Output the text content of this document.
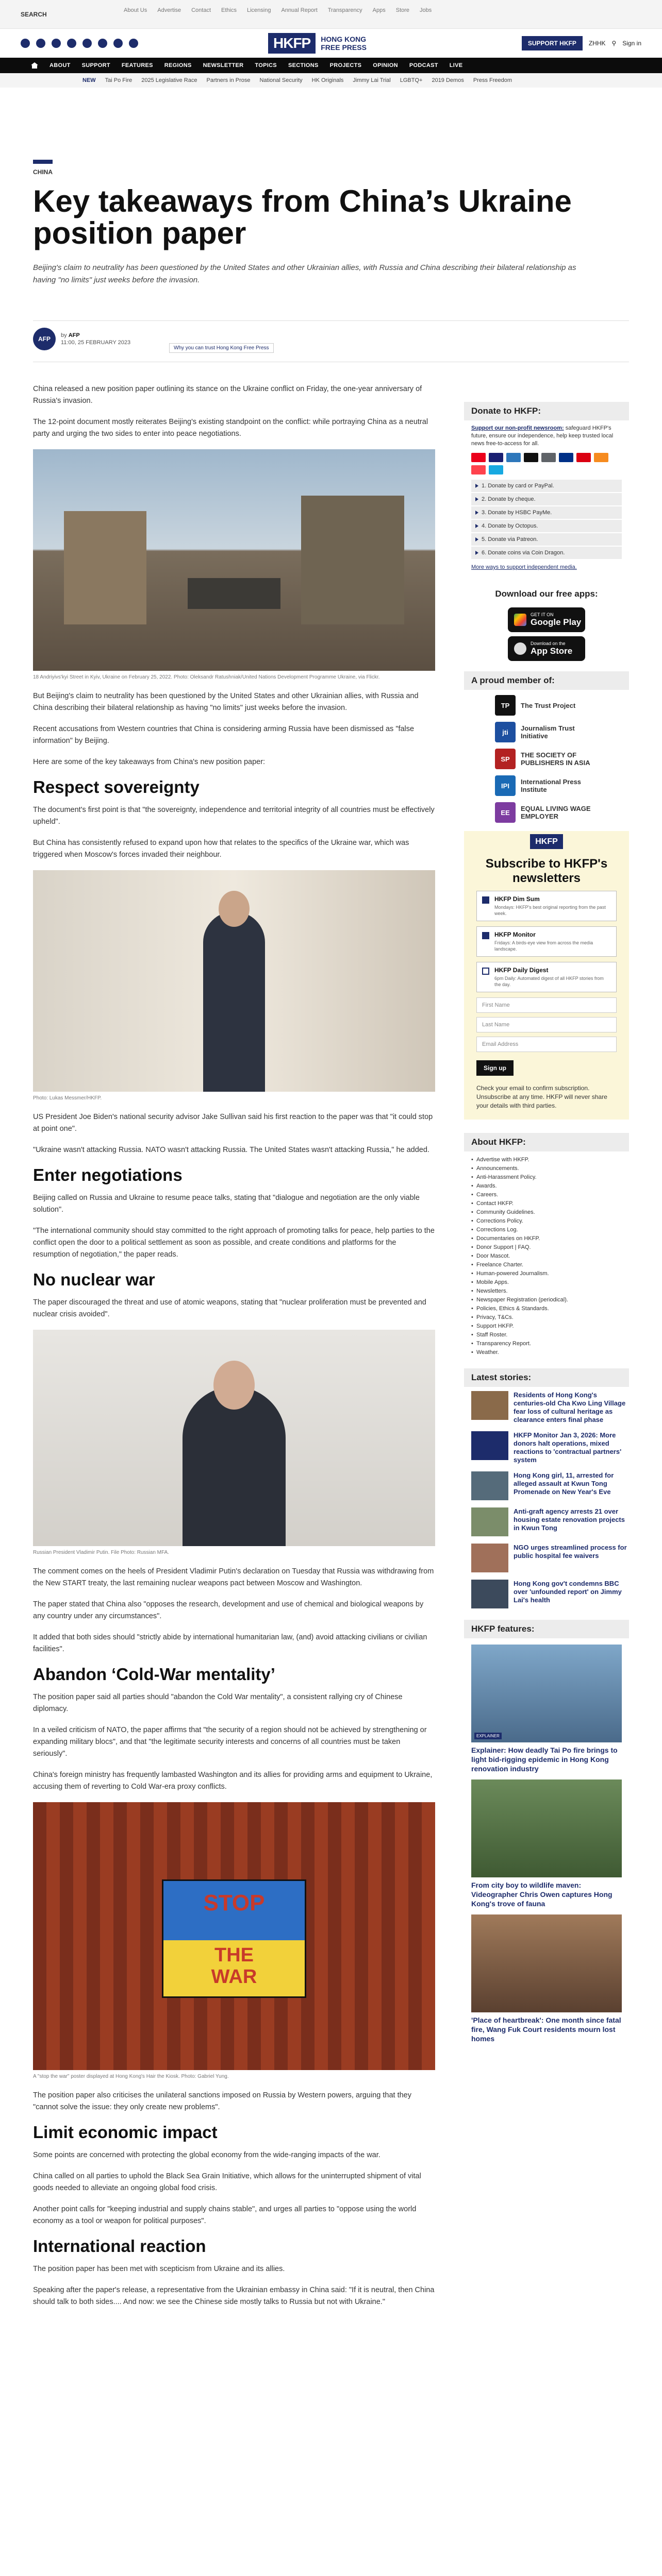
SEARCH
About Us Advertise Contact Ethics Licensing Annual Report Transparency Apps Store Jobs
HKFP	HONG KONG
FREE PRESS	SUPPORT HKFP	ZHHK ⚲ Sign in
ABOUT SUPPORT FEATURES REGIONS NEWSLETTER TOPICS SECTIONS PROJECTS OPINION PODCAST LIVE
NEW Tai Po Fire 2025 Legislative Race Partners in Prose National Security HK Originals Jimmy Lai Trial LGBTQ+ 2019 Demos Press Freedom
CHINA
Key takeaways from China’s Ukraine position paper

Beijing's claim to neutrality has been questioned by the United States and other Ukrainian allies, with Russia and China describing their bilateral relationship as having "no limits" just weeks before the invasion.

AFP	by AFP
11:00, 25 FEBRUARY 2023
Why you can trust Hong Kong Free Press

China released a new position paper outlining its stance on the Ukraine conflict on Friday, the one-year anniversary of Russia's invasion.

The 12-point document mostly reiterates Beijing's existing standpoint on the conflict: while portraying China as a neutral party and urging the two sides to enter into peace negotiations.

18 Andriyivs'kyi Street in Kyiv, Ukraine on February 25, 2022. Photo: Oleksandr Ratushniak/United Nations Development Programme Ukraine, via Flickr.

But Beijing's claim to neutrality has been questioned by the United States and other Ukrainian allies, with Russia and China describing their bilateral relationship as having "no limits" just weeks before the invasion.

Recent accusations from Western countries that China is considering arming Russia have been dismissed as "false information" by Beijing.

Here are some of the key takeaways from China's new position paper:

Respect sovereignty

The document's first point is that "the sovereignty, independence and territorial integrity of all countries must be effectively upheld".

But China has consistently refused to expand upon how that relates to the specifics of the Ukraine war, which was triggered when Moscow's forces invaded their neighbour.

Photo: Lukas Messmer/HKFP.

US President Joe Biden's national security advisor Jake Sullivan said his first reaction to the paper was that "it could stop at point one".

"Ukraine wasn't attacking Russia. NATO wasn't attacking Russia. The United States wasn't attacking Russia," he added.

Enter negotiations

Beijing called on Russia and Ukraine to resume peace talks, stating that "dialogue and negotiation are the only viable solution".

"The international community should stay committed to the right approach of promoting talks for peace, help parties to the conflict open the door to a political settlement as soon as possible, and create conditions and platforms for the resumption of negotiation," the paper reads.

No nuclear war

The paper discouraged the threat and use of atomic weapons, stating that "nuclear proliferation must be prevented and nuclear crisis avoided".

Russian President Vladimir Putin. File Photo: Russian MFA.

The comment comes on the heels of President Vladimir Putin's declaration on Tuesday that Russia was withdrawing from the New START treaty, the last remaining nuclear weapons pact between Moscow and Washington.

The paper stated that China also "opposes the research, development and use of chemical and biological weapons by any country under any circumstances".

It added that both sides should "strictly abide by international humanitarian law, (and) avoid attacking civilians or civilian facilities".

Abandon ‘Cold-War mentality’

The position paper said all parties should "abandon the Cold War mentality", a consistent rallying cry of Chinese diplomacy.

In a veiled criticism of NATO, the paper affirms that "the security of a region should not be achieved by strengthening or expanding military blocs", and that "the legitimate security interests and concerns of all countries must be taken seriously".

China's foreign ministry has frequently lambasted Washington and its allies for providing arms and equipment to Ukraine, accusing them of reverting to Cold War-era proxy conflicts.

STOP
THE
WAR

A "stop the war" poster displayed at Hong Kong's Hair the Kiosk. Photo: Gabriel Yung.

The position paper also criticises the unilateral sanctions imposed on Russia by Western powers, arguing that they "cannot solve the issue: they only create new problems".

Limit economic impact

Some points are concerned with protecting the global economy from the wide-ranging impacts of the war.

China called on all parties to uphold the Black Sea Grain Initiative, which allows for the uninterrupted shipment of vital goods needed to alleviate an ongoing global food crisis.

Another point calls for "keeping industrial and supply chains stable", and urges all parties to "oppose using the world economy as a tool or weapon for political purposes".

International reaction

The position paper has been met with scepticism from Ukraine and its allies.

Speaking after the paper's release, a representative from the Ukrainian embassy in China said: "If it is neutral, then China should talk to both sides.... And now: we see the Chinese side mostly talks to Russia but not with Ukraine."

Donate to HKFP:

Support our non-profit newsroom: safeguard HKFP's future, ensure our independence, help keep trusted local news free-to-access for all.

1. Donate by card or PayPal.
2. Donate by cheque.
3. Donate by HSBC PayMe.
4. Donate by Octopus.
5. Donate via Patreon.
6. Donate coins via Coin Dragon.
More ways to support independent media.
Download our free apps:
GET IT ON
Google Play
Download on the
App Store
A proud member of:
TP	The Trust Project
jti	Journalism Trust Initiative
SP	THE SOCIETY OF PUBLISHERS IN ASIA
IPI	International Press Institute
EE	EQUAL LIVING WAGE EMPLOYER
HKFP
Subscribe to HKFP's newsletters
HKFP Dim Sum
Mondays: HKFP's best original reporting from the past week.
HKFP Monitor
Fridays: A birds-eye view from across the media landscape.
HKFP Daily Digest
6pm Daily: Automated digest of all HKFP stories from the day.
First Name
Last Name
Email Address
Sign up

Check your email to confirm subscription. Unsubscribe at any time. HKFP will never share your details with third parties.

About HKFP:
• Advertise with HKFP.
• Announcements.
• Anti-Harassment Policy.
• Awards.
• Careers.
• Contact HKFP.
• Community Guidelines.
• Corrections Policy.
• Corrections Log.
• Documentaries on HKFP.
• Donor Support | FAQ.
• Door Mascot.
• Freelance Charter.
• Human-powered Journalism.
• Mobile Apps.
• Newsletters.
• Newspaper Registration (periodical).
• Policies, Ethics & Standards.
• Privacy, T&Cs.
• Support HKFP.
• Staff Roster.
• Transparency Report.
• Weather.
Latest stories:
Residents of Hong Kong's centuries-old Cha Kwo Ling Village fear loss of cultural heritage as clearance enters final phase
HKFP Monitor Jan 3, 2026: More donors halt operations, mixed reactions to 'contractual partners' system
Hong Kong girl, 11, arrested for alleged assault at Kwun Tong Promenade on New Year's Eve
Anti-graft agency arrests 21 over housing estate renovation projects in Kwun Tong
NGO urges streamlined process for public hospital fee waivers
Hong Kong gov't condemns BBC over 'unfounded report' on Jimmy Lai's health
HKFP features:
EXPLAINER
Explainer: How deadly Tai Po fire brings to light bid-rigging epidemic in Hong Kong renovation industry
From city boy to wildlife maven: Videographer Chris Owen captures Hong Kong's trove of fauna
'Place of heartbreak': One month since fatal fire, Wang Fuk Court residents mourn lost homes
